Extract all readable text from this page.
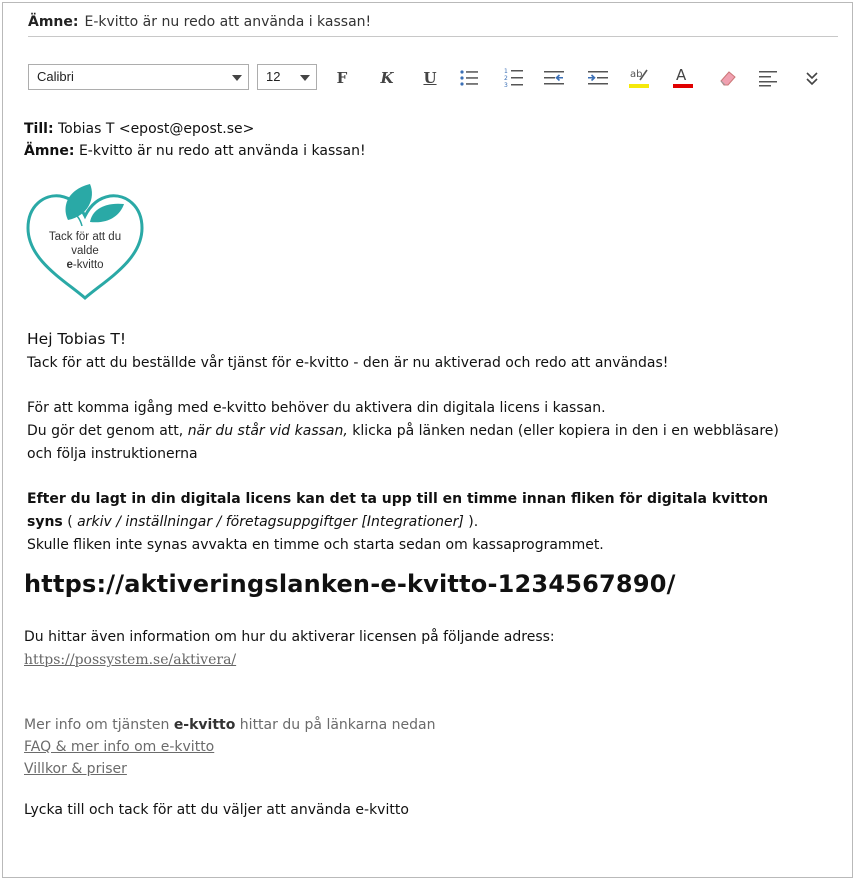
Ämne: E-kvitto är nu redo att använda i kassan!
Calibri	12	F K U	1
2
3
ab A

Till: Tobias T <epost@epost.se>

Ämne: E-kvitto är nu redo att använda i kassan!

Tack för att du
valde
e-kvitto
Hej Tobias T!

Tack för att du beställde vår tjänst för e-kvitto - den är nu aktiverad och redo att användas!

För att komma igång med e-kvitto behöver du aktivera din digitala licens i kassan.

Du gör det genom att, när du står vid kassan, klicka på länken nedan (eller kopiera in den i en webbläsare)

och följa instruktionerna

Efter du lagt in din digitala licens kan det ta upp till en timme innan fliken för digitala kvitton

syns ( arkiv / inställningar / företagsuppgiftger [Integrationer] ).

Skulle fliken inte synas avvakta en timme och starta sedan om kassaprogrammet.

https://aktiveringslanken-e-kvitto-1234567890/
Du hittar även information om hur du aktiverar licensen på följande adress:
https://possystem.se/aktivera/
Mer info om tjänsten e-kvitto hittar du på länkarna nedan
FAQ & mer info om e-kvitto
Villkor & priser
Lycka till och tack för att du väljer att använda e-kvitto
